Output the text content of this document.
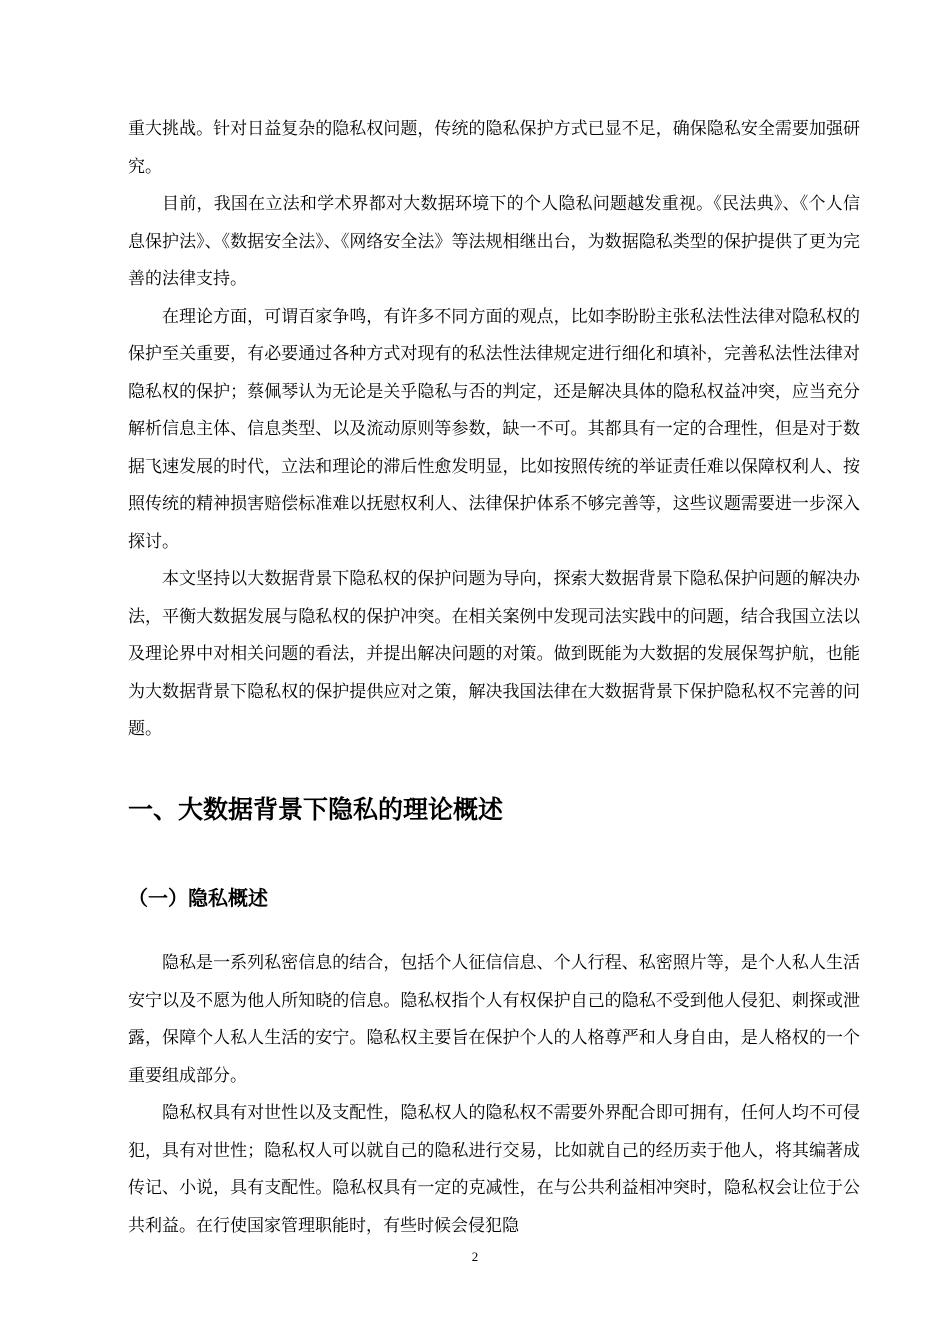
重大挑战。针对日益复杂的隐私权问题，传统的隐私保护方式已显不足，确保隐私安全需要加强研究。

目前，我国在立法和学术界都对大数据环境下的个人隐私问题越发重视。《民法典》、《个人信息保护法》、《数据安全法》、《网络安全法》等法规相继出台，为数据隐私类型的保护提供了更为完善的法律支持。

在理论方面，可谓百家争鸣，有许多不同方面的观点，比如李盼盼主张私法性法律对隐私权的保护至关重要，有必要通过各种方式对现有的私法性法律规定进行细化和填补，完善私法性法律对隐私权的保护；蔡佩琴认为无论是关乎隐私与否的判定，还是解决具体的隐私权益冲突，应当充分解析信息主体、信息类型、以及流动原则等参数，缺一不可。其都具有一定的合理性，但是对于数据飞速发展的时代，立法和理论的滞后性愈发明显，比如按照传统的举证责任难以保障权利人、按照传统的精神损害赔偿标准难以抚慰权利人、法律保护体系不够完善等，这些议题需要进一步深入探讨。

本文坚持以大数据背景下隐私权的保护问题为导向，探索大数据背景下隐私保护问题的解决办法，平衡大数据发展与隐私权的保护冲突。在相关案例中发现司法实践中的问题，结合我国立法以及理论界中对相关问题的看法，并提出解决问题的对策。做到既能为大数据的发展保驾护航，也能为大数据背景下隐私权的保护提供应对之策，解决我国法律在大数据背景下保护隐私权不完善的问题。

一、大数据背景下隐私的理论概述
（一）隐私概述

隐私是一系列私密信息的结合，包括个人征信信息、个人行程、私密照片等，是个人私人生活安宁以及不愿为他人所知晓的信息。隐私权指个人有权保护自己的隐私不受到他人侵犯、刺探或泄露，保障个人私人生活的安宁。隐私权主要旨在保护个人的人格尊严和人身自由，是人格权的一个重要组成部分。

隐私权具有对世性以及支配性，隐私权人的隐私权不需要外界配合即可拥有，任何人均不可侵犯，具有对世性；隐私权人可以就自己的隐私进行交易，比如就自己的经历卖于他人，将其编著成传记、小说，具有支配性。隐私权具有一定的克减性，在与公共利益相冲突时，隐私权会让位于公共利益。在行使国家管理职能时，有些时候会侵犯隐

2
